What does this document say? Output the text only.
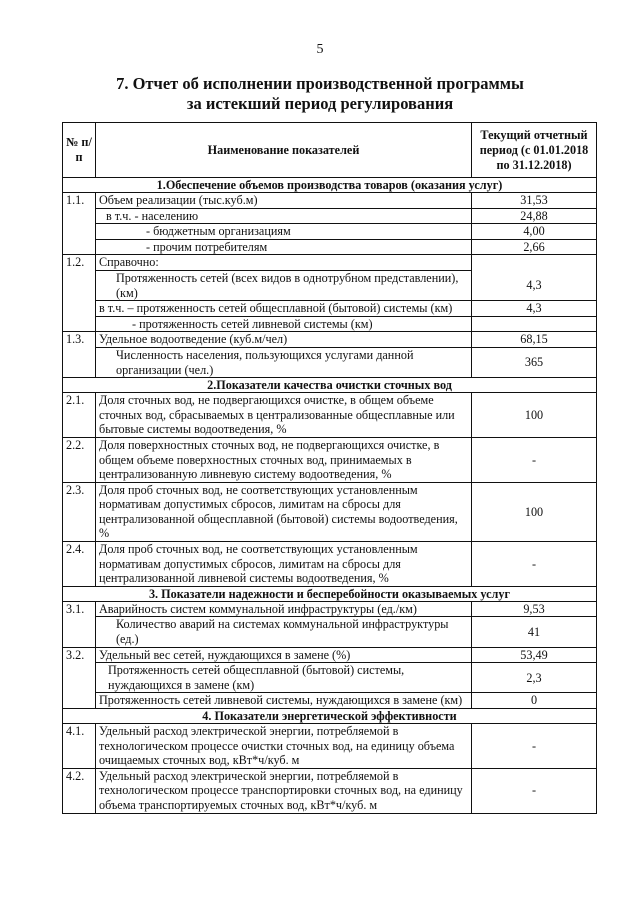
5
7. Отчет об исполнении производственной программы
за истекший период регулирования
№ п/п	Наименование показателей	Текущий отчетный период (с 01.01.2018 по 31.12.2018)
1.Обеспечение объемов производства товаров (оказания услуг)		
1.1.	Объем реализации (тыс.куб.м)	31,53
	в т.ч. - населению	24,88
	- бюджетным организациям	4,00
	- прочим потребителям	2,66
1.2.	Справочно:	
	Протяженность сетей (всех видов в однотрубном представлении), (км)	4,3
	в т.ч. – протяженность сетей общесплавной (бытовой) системы (км)	4,3
	- протяженность сетей ливневой системы (км)	
1.3.	Удельное водоотведение (куб.м/чел)	68,15
	Численность населения, пользующихся услугами данной организации (чел.)	365
2.Показатели качества очистки сточных вод		
2.1.	Доля сточных вод, не подвергающихся очистке, в общем объеме сточных вод, сбрасываемых в централизованные общесплавные или бытовые системы водоотведения, %	100
2.2.	Доля поверхностных сточных вод, не подвергающихся очистке, в общем объеме поверхностных сточных вод, принимаемых в централизованную ливневую систему водоотведения, %	-
2.3.	Доля проб сточных вод, не соответствующих установленным нормативам допустимых сбросов, лимитам на сбросы для централизованной общесплавной (бытовой) системы водоотведения, %	100
2.4.	Доля проб сточных вод, не соответствующих установленным нормативам допустимых сбросов, лимитам на сбросы для централизованной ливневой системы водоотведения, %	-
3. Показатели надежности и бесперебойности оказываемых услуг		
3.1.	Аварийность систем коммунальной инфраструктуры (ед./км)	9,53
	Количество аварий на системах коммунальной инфраструктуры (ед.)	41
3.2.	Удельный вес сетей, нуждающихся в замене (%)	53,49
	Протяженность сетей общесплавной (бытовой) системы, нуждающихся в замене (км)	2,3
	Протяженность сетей ливневой системы, нуждающихся в замене (км)	0
4. Показатели энергетической эффективности		
4.1.	Удельный расход электрической энергии, потребляемой в технологическом процессе очистки сточных вод, на единицу объема очищаемых сточных вод, кВт*ч/куб. м	-
4.2.	Удельный расход электрической энергии, потребляемой в технологическом процессе транспортировки сточных вод, на единицу объема транспортируемых сточных вод, кВт*ч/куб. м	-
